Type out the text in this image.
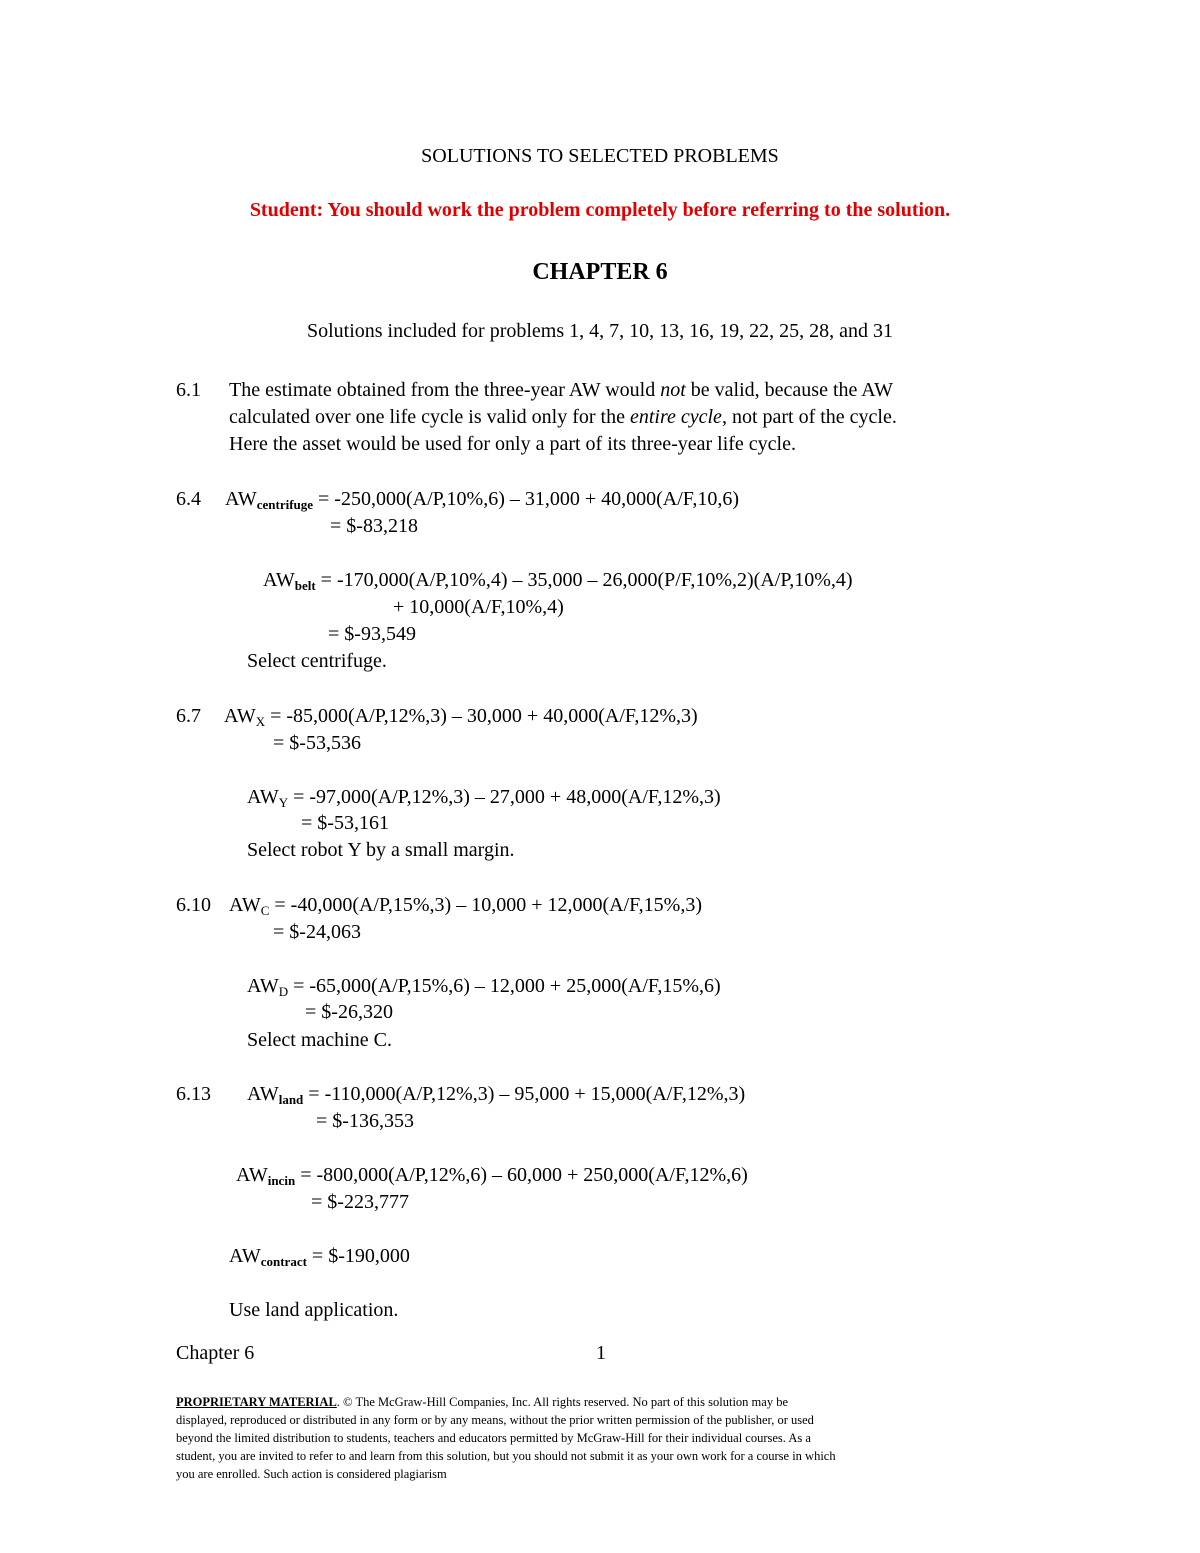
SOLUTIONS TO SELECTED PROBLEMS
Student: You should work the problem completely before referring to the solution.
CHAPTER 6
Solutions included for problems 1, 4, 7, 10, 13, 16, 19, 22, 25, 28, and 31
6.1 The estimate obtained from the three-year AW would not be valid, because the AW
calculated over one life cycle is valid only for the entire cycle, not part of the cycle.
Here the asset would be used for only a part of its three-year life cycle.
6.4 $AW_{centrifuge} = -250,000(A/P,10\%,6) - 31,000 + 40,000(A/F,10,6)$
= $-83,218
$AW_{belt} = -170,000(A/P,10\%,4) - 35,000 - 26,000(P/F,10\%,2)(A/P,10\%,4)$
+ 10,000(A/F,10%,4)
= $-93,549
Select centrifuge.
6.7 $AW_X = -85,000(A/P,12\%,3) - 30,000 + 40,000(A/F,12\%,3)$
= $-53,536
$AW_Y = -97,000(A/P,12\%,3) - 27,000 + 48,000(A/F,12\%,3)$
= $-53,161
Select robot Y by a small margin.
6.10 $AW_C = -40,000(A/P,15\%,3) - 10,000 + 12,000(A/F,15\%,3)$
= $-24,063
$AW_D = -65,000(A/P,15\%,6) - 12,000 + 25,000(A/F,15\%,6)$
= $-26,320
Select machine C.
6.13 $AW_{land} = -110,000(A/P,12\%,3) - 95,000 + 15,000(A/F,12\%,3)$
= $-136,353
$AW_{incin} = -800,000(A/P,12\%,6) - 60,000 + 250,000(A/F,12\%,6)$
= $-223,777
$AW_{contract}$ = $-190,000
Use land application.
Chapter 6	1
PROPRIETARY MATERIAL. © The McGraw-Hill Companies, Inc. All rights reserved. No part of this solution may be
displayed, reproduced or distributed in any form or by any means, without the prior written permission of the publisher, or used
beyond the limited distribution to students, teachers and educators permitted by McGraw-Hill for their individual courses. As a
student, you are invited to refer to and learn from this solution, but you should not submit it as your own work for a course in which
you are enrolled. Such action is considered plagiarism
